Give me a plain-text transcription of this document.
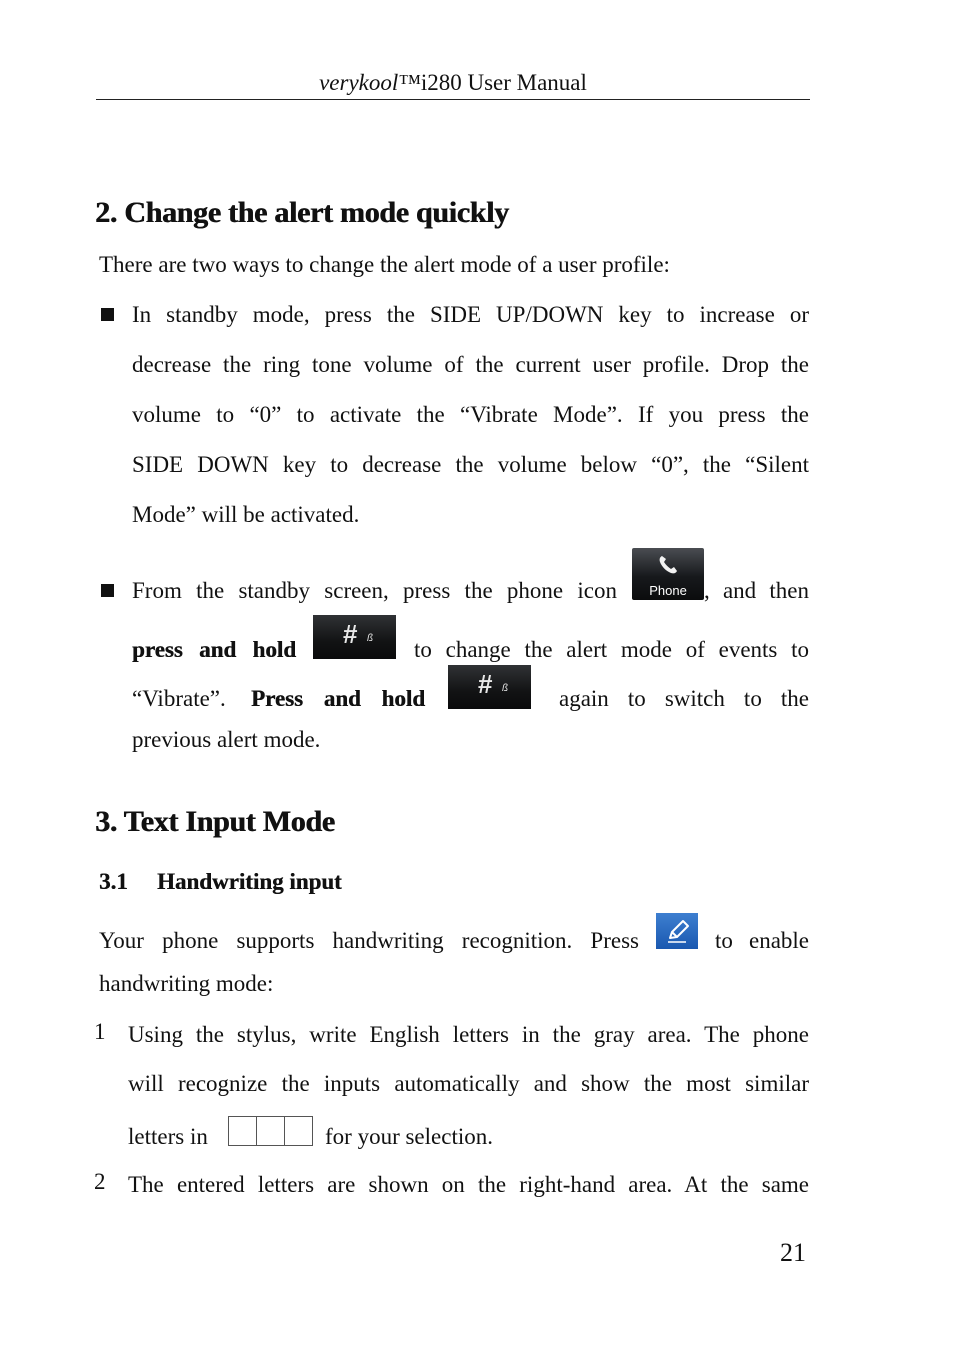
verykool™i280 User Manual
2. Change the alert mode quickly
There are two ways to change the alert mode of a user profile:
In standby mode, press the SIDE UP/DOWN key to increase or
decrease the ring tone volume of the current user profile. Drop the
volume to “0” to activate the “Vibrate Mode”. If you press the
SIDE DOWN key to decrease the volume below “0”, the “Silent
Mode” will be activated.
From the standby screen, press the phone icon	Phone , and then
press and hold
# ß to change the alert mode of events to
“Vibrate”. Press and hold # ß again to switch to the
previous alert mode.
3. Text Input Mode
3.1 Handwriting input
Your phone supports handwriting recognition. Press	to enable
handwriting mode:
1 Using the stylus, write English letters in the gray area. The phone
will recognize the inputs automatically and show the most similar
letters in	for your selection.
2 The entered letters are shown on the right-hand area. At the same
21
